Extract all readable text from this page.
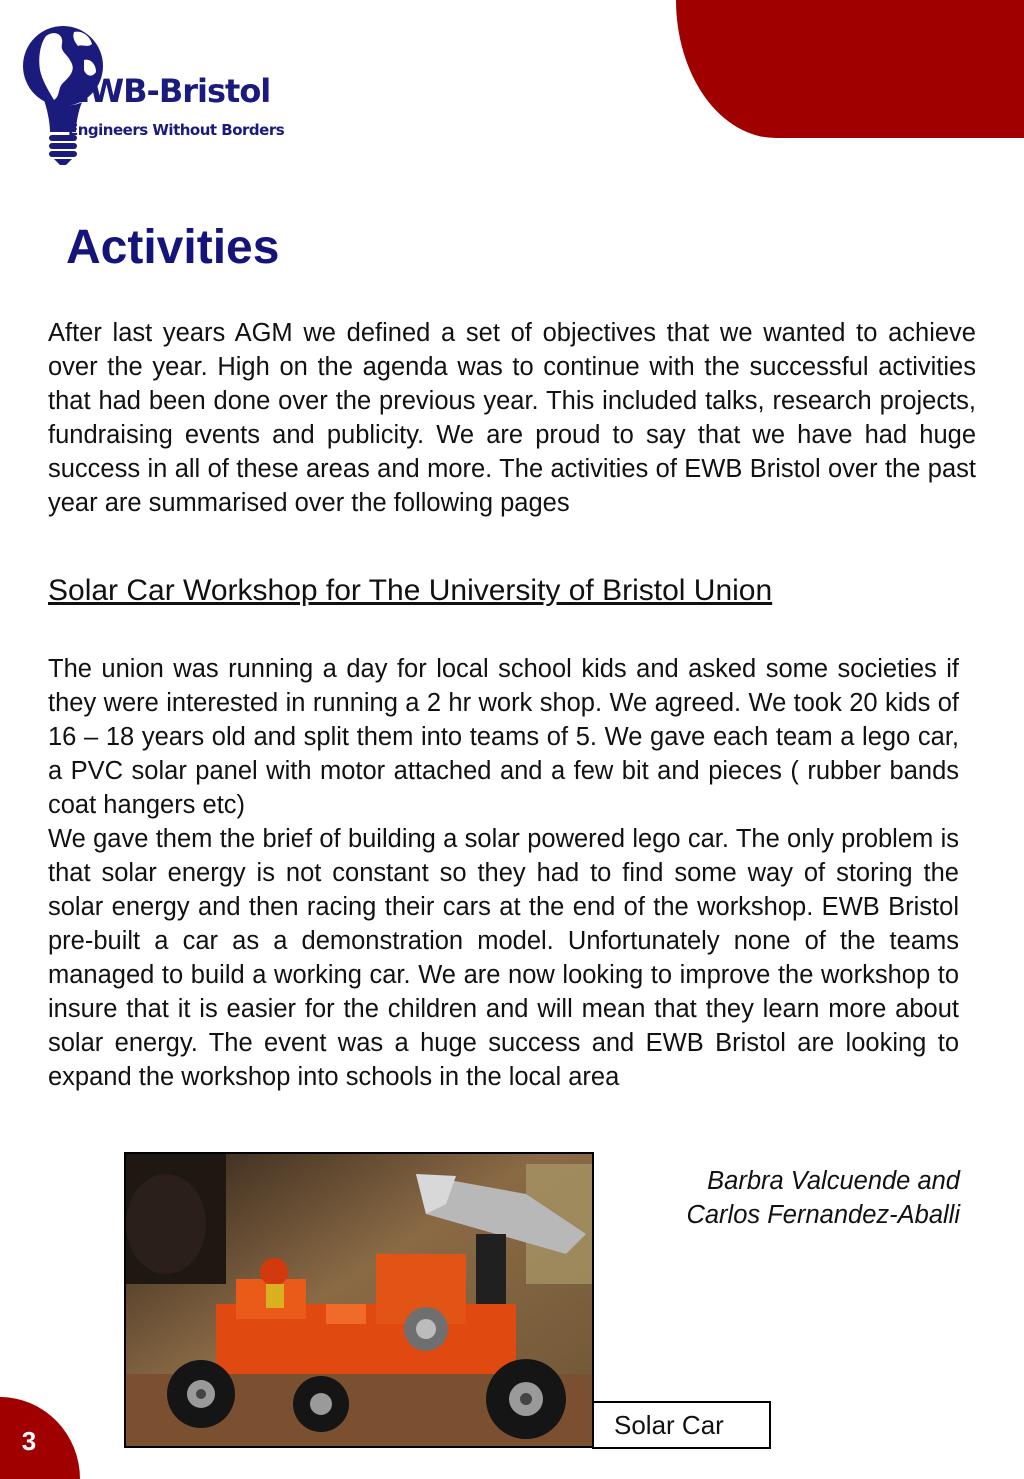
3
EWB-Bristol
Engineers Without Borders
Activities

After last years AGM we defined a set of objectives that we wanted to achieve over the year. High on the agenda was to continue with the successful activities that had been done over the previous year. This included talks, research projects, fundraising events and publicity. We are proud to say that we have had huge success in all of these areas and more. The activities of EWB Bristol over the past year are summarised over the following pages

Solar Car Workshop for The University of Bristol Union

The union was running a day for local school kids and asked some societies if they were interested in running a 2 hr work shop. We agreed. We took 20 kids of 16 – 18 years old and split them into teams of 5. We gave each team a lego car, a PVC solar panel with motor attached and a few bit and pieces ( rubber bands coat hangers etc)

We gave them the brief of building a solar powered lego car. The only problem is that solar energy is not constant so they had to find some way of storing the solar energy and then racing their cars at the end of the workshop. EWB Bristol pre-built a car as a demonstration model. Unfortunately none of the teams managed to build a working car. We are now looking to improve the workshop to insure that it is easier for the children and will mean that they learn more about solar energy. The event was a huge success and EWB Bristol are looking to expand the workshop into schools in the local area

Barbra Valcuende and
Carlos Fernandez-Aballi
Solar Car
